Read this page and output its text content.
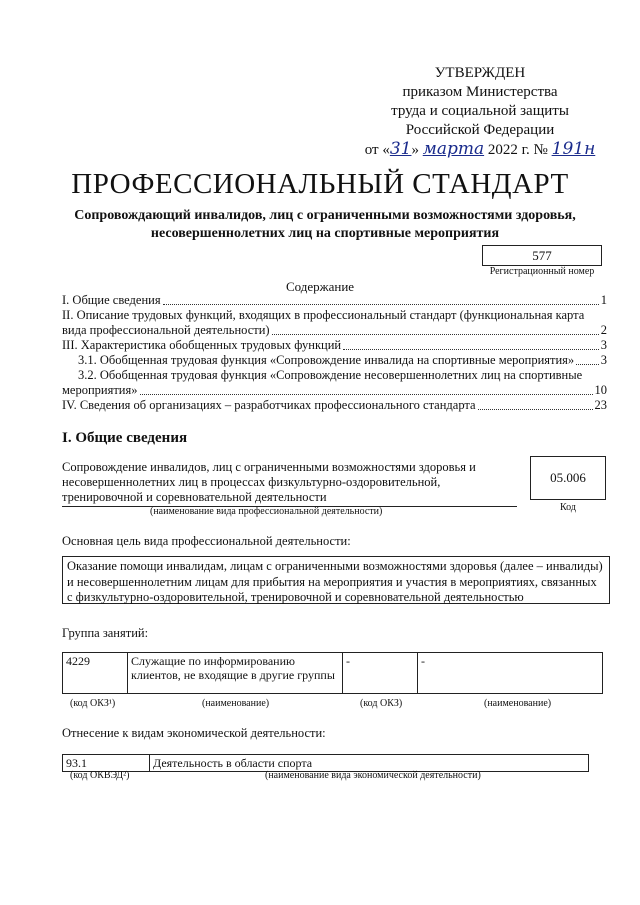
УТВЕРЖДЕН
приказом Министерства
труда и социальной защиты
Российской Федерации
от «31» марта 2022 г. № 191н
ПРОФЕССИОНАЛЬНЫЙ СТАНДАРТ
Сопровождающий инвалидов, лиц с ограниченными возможностями здоровья, несовершеннолетних лиц на спортивные мероприятия
577
Регистрационный номер
Содержание
I. Общие сведения	1
II. Описание трудовых функций, входящих в профессиональный стандарт (функциональная карта
вида профессиональной деятельности)	2
III. Характеристика обобщенных трудовых функций	3
3.1. Обобщенная трудовая функция «Сопровождение инвалида на спортивные мероприятия» 3
3.2. Обобщенная трудовая функция «Сопровождение несовершеннолетних лиц на спортивные
мероприятия»	10
IV. Сведения об организациях – разработчиках профессионального стандарта	23
I. Общие сведения
Сопровождение инвалидов, лиц с ограниченными возможностями здоровья и несовершеннолетних лиц в процессах физкультурно-оздоровительной, тренировочной и соревновательной деятельности
(наименование вида профессиональной деятельности)
05.006
Код
Основная цель вида профессиональной деятельности:
Оказание помощи инвалидам, лицам с ограниченными возможностями здоровья (далее – инвалиды) и несовершеннолетним лицам для прибытия на мероприятия и участия в мероприятиях, связанных с физкультурно-оздоровительной, тренировочной и соревновательной деятельностью
Группа занятий:
4229	Служащие по информированию клиентов, не входящие в другие группы	-	-
(код ОКЗ¹)	(наименование)	(код ОКЗ)	(наименование)
Отнесение к видам экономической деятельности:
93.1	Деятельность в области спорта
(код ОКВЭД²)	(наименование вида экономической деятельности)
